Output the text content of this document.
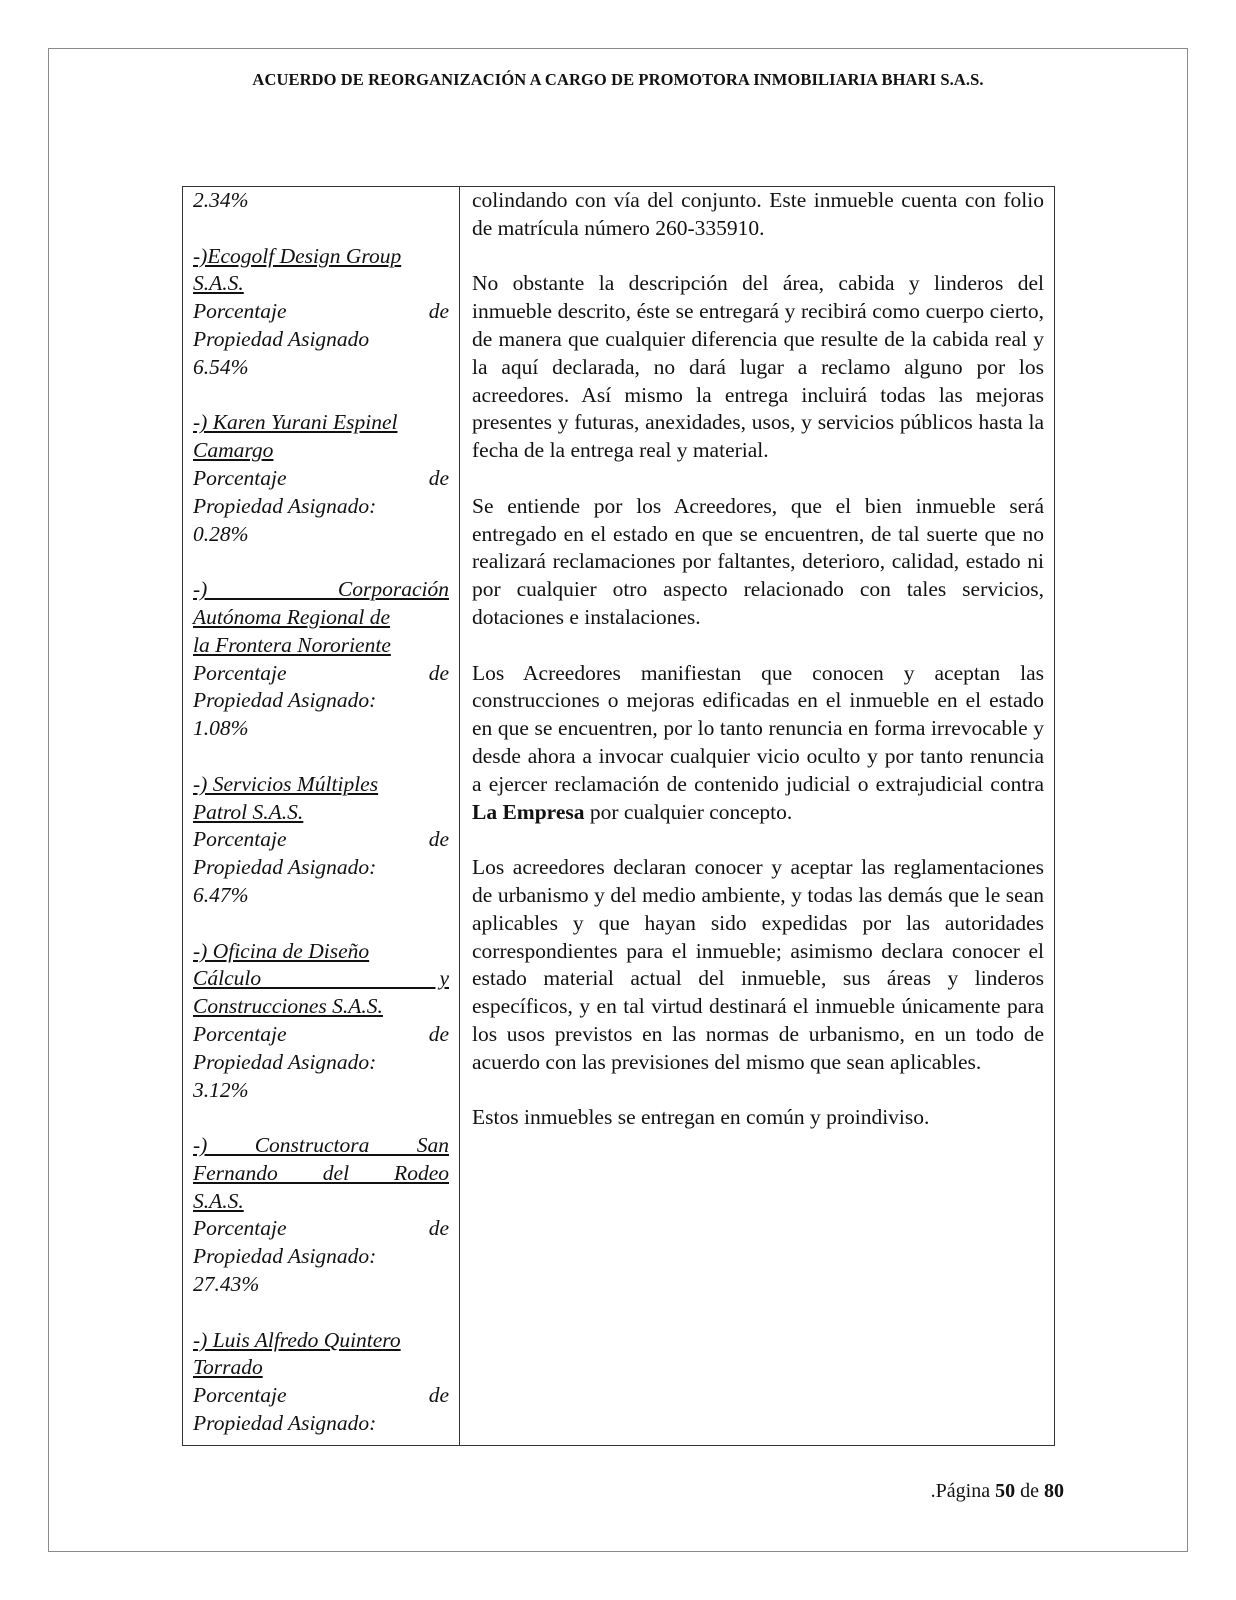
ACUERDO DE REORGANIZACIÓN A CARGO DE PROMOTORA INMOBILIARIA BHARI S.A.S.

2.34%

-)Ecogolf Design Group
S.A.S.
Porcentaje de
Propiedad Asignado
6.54%

-) Karen Yurani Espinel
Camargo
Porcentaje de
Propiedad Asignado:
0.28%

-) Corporación
Autónoma Regional de
la Frontera Nororiente
Porcentaje de
Propiedad Asignado:
1.08%

-) Servicios Múltiples
Patrol S.A.S.
Porcentaje de
Propiedad Asignado:
6.47%

-) Oficina de Diseño
Cálculo y
Construcciones S.A.S.
Porcentaje de
Propiedad Asignado:
3.12%

-) Constructora San
Fernando del Rodeo
S.A.S.
Porcentaje de
Propiedad Asignado:
27.43%

-) Luis Alfredo Quintero
Torrado
Porcentaje de
Propiedad Asignado:

colindando con vía del conjunto. Este inmueble cuenta con folio de matrícula número 260-335910.

No obstante la descripción del área, cabida y linderos del inmueble descrito, éste se entregará y recibirá como cuerpo cierto, de manera que cualquier diferencia que resulte de la cabida real y la aquí declarada, no dará lugar a reclamo alguno por los acreedores. Así mismo la entrega incluirá todas las mejoras presentes y futuras, anexidades, usos, y servicios públicos hasta la fecha de la entrega real y material.

Se entiende por los Acreedores, que el bien inmueble será entregado en el estado en que se encuentren, de tal suerte que no realizará reclamaciones por faltantes, deterioro, calidad, estado ni por cualquier otro aspecto relacionado con tales servicios, dotaciones e instalaciones.

Los Acreedores manifiestan que conocen y aceptan las construcciones o mejoras edificadas en el inmueble en el estado en que se encuentren, por lo tanto renuncia en forma irrevocable y desde ahora a invocar cualquier vicio oculto y por tanto renuncia a ejercer reclamación de contenido judicial o extrajudicial contra La Empresa por cualquier concepto.

Los acreedores declaran conocer y aceptar las reglamentaciones de urbanismo y del medio ambiente, y todas las demás que le sean aplicables y que hayan sido expedidas por las autoridades correspondientes para el inmueble; asimismo declara conocer el estado material actual del inmueble, sus áreas y linderos específicos, y en tal virtud destinará el inmueble únicamente para los usos previstos en las normas de urbanismo, en un todo de acuerdo con las previsiones del mismo que sean aplicables.

Estos inmuebles se entregan en común y proindiviso.

.Página 50 de 80
